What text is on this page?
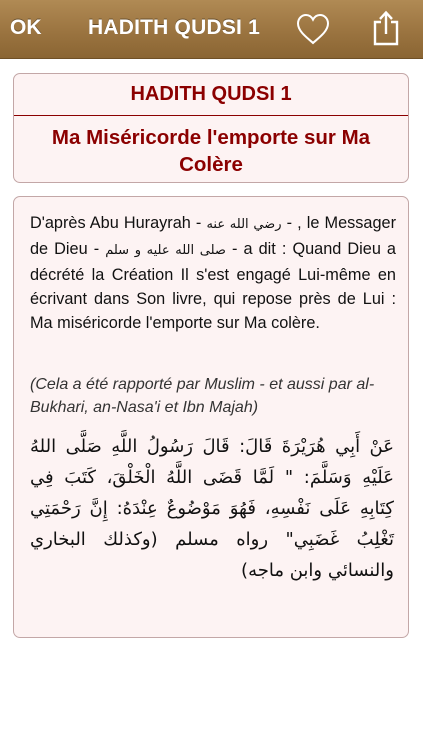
OK HADITH QUDSI 1
HADITH QUDSI 1
Ma Miséricorde l'emporte sur Ma Colère
D'après Abu Hurayrah - رضي الله عنه - , le Messager de Dieu - صلى الله عليه و سلم - a dit : Quand Dieu a décrété la Création Il s'est engagé Lui-même en écrivant dans Son livre, qui repose près de Lui : Ma miséricorde l'emporte sur Ma colère.
(Cela a été rapporté par Muslim - et aussi par al-Bukhari, an-Nasa'i et Ibn Majah)
عَنْ أَبِي هُرَيْرَةَ قَالَ: قَالَ رَسُولُ اللَّهِ صَلَّى اللهُ عَلَيْهِ وَسَلَّمَ: " لَمَّا قَضَى اللَّهُ الْخَلْقَ، كَتَبَ فِي كِتَابِهِ عَلَى نَفْسِهِ، فَهُوَ مَوْضُوعٌ عِنْدَهُ: إِنَّ رَحْمَتِي تَغْلِبُ غَضَبِي" رواه مسلم (وكذلك البخاري والنسائي وابن ماجه)
